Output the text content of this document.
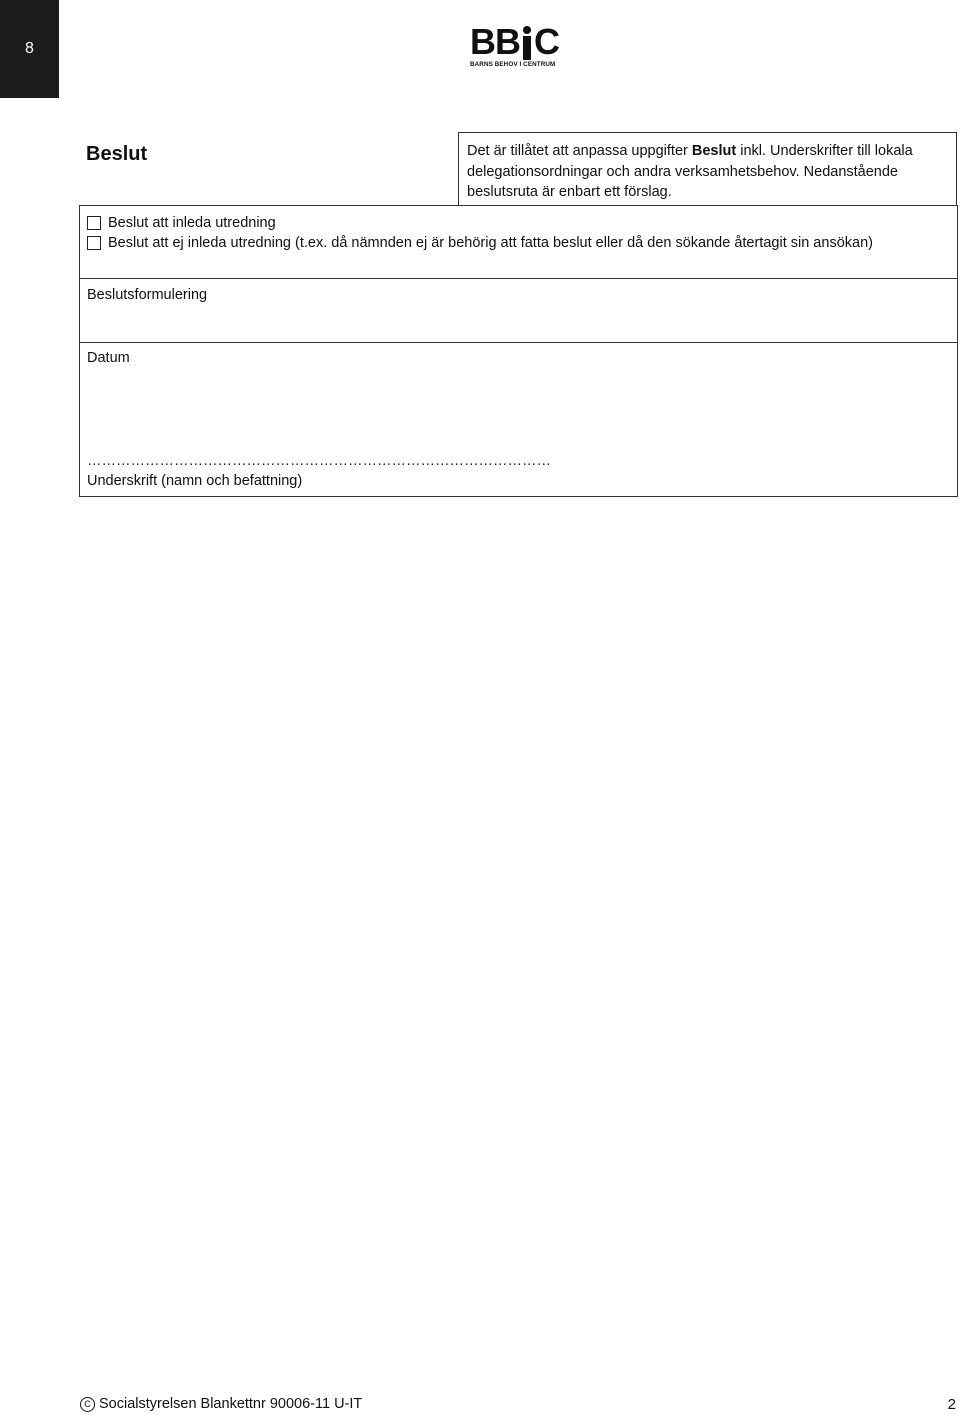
8	BB C
BARNS BEHOV I CENTRUM
Beslut	Det är tillåtet att anpassa uppgifter Beslut inkl. Underskrifter till lokala delegationsordningar och andra verksamhetsbehov. Nedanstående beslutsruta är enbart ett förslag.
Beslut att inleda utredning
Beslut att ej inleda utredning (t.ex. då nämnden ej är behörig att fatta beslut eller då den sökande återtagit sin ansökan)
Beslutsformulering
Datum
……………………………………………………………………………………
Underskrift (namn och befattning)
C Socialstyrelsen Blankettnr 90006-11 U-IT	2
